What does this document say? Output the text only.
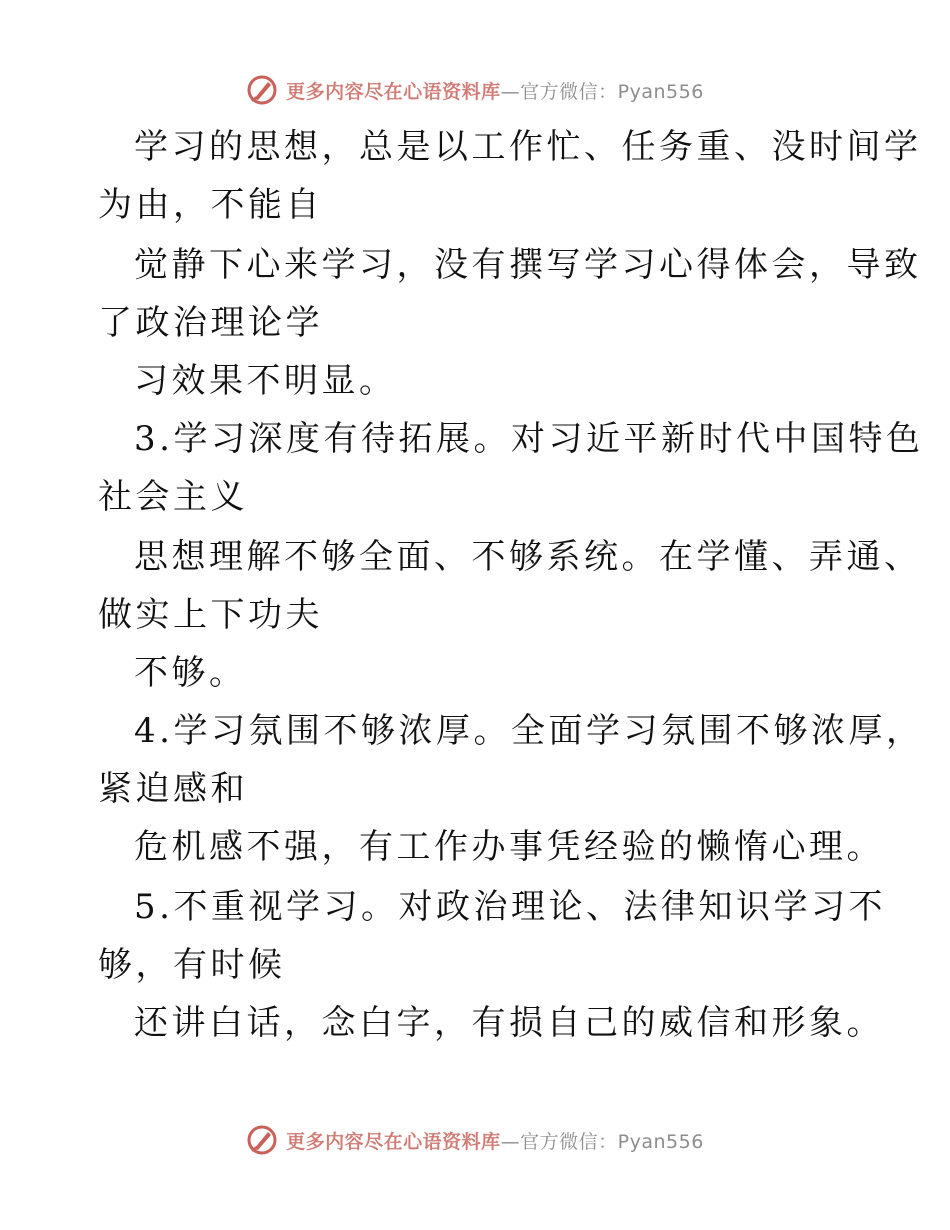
更多内容尽在心语资料库—官方微信：Pyan556
学习的思想，总是以工作忙、任务重、没时间学
为由，不能自
觉静下心来学习，没有撰写学习心得体会，导致
了政治理论学
习效果不明显。
3.学习深度有待拓展。对习近平新时代中国特色
社会主义
思想理解不够全面、不够系统。在学懂、弄通、
做实上下功夫
不够。
4.学习氛围不够浓厚。全面学习氛围不够浓厚，
紧迫感和
危机感不强，有工作办事凭经验的懒惰心理。
5.不重视学习。对政治理论、法律知识学习不
够，有时候
还讲白话，念白字，有损自己的威信和形象。
更多内容尽在心语资料库—官方微信：Pyan556
